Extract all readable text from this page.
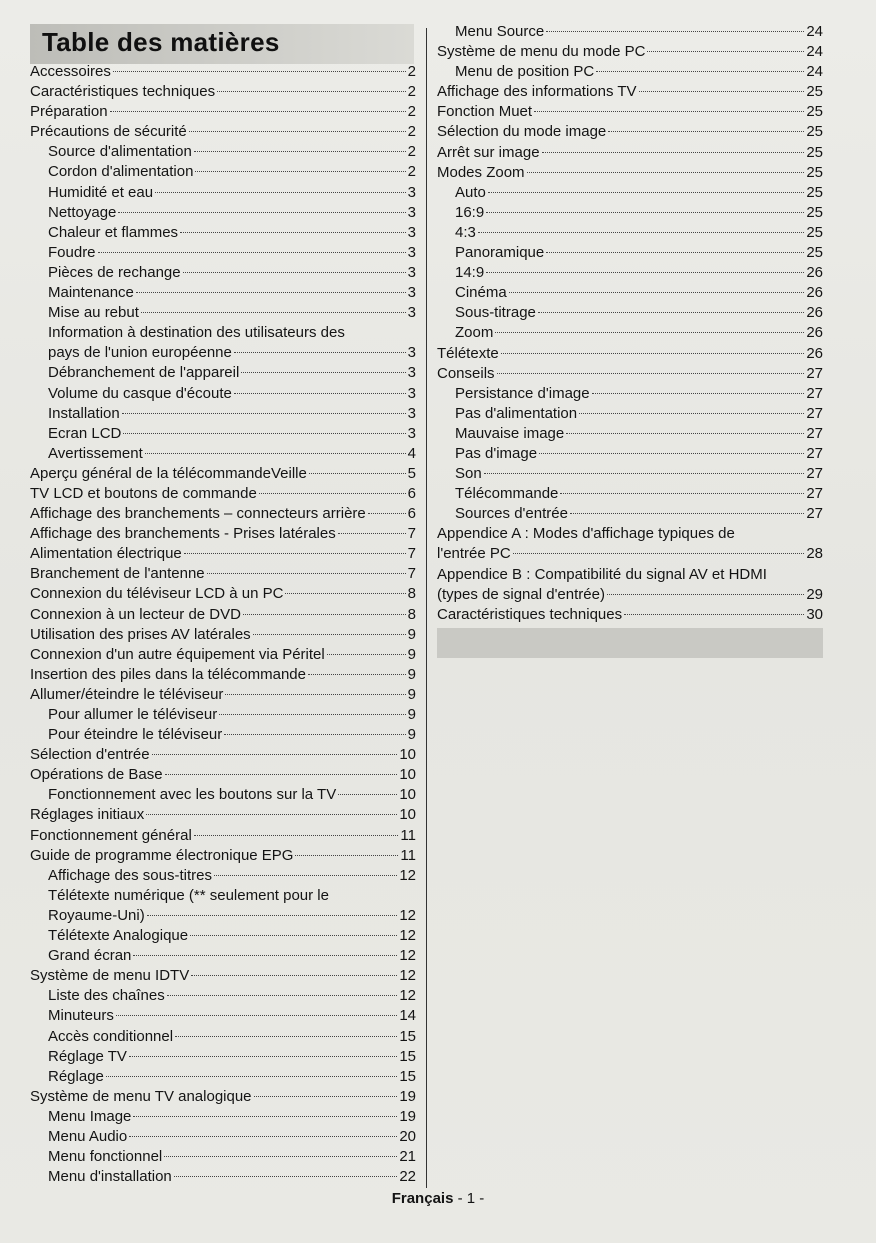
Table des matières
Accessoires	2
Caractéristiques techniques	2
Préparation	2
Précautions de sécurité	2
Source d'alimentation	2
Cordon d'alimentation	2
Humidité et eau	3
Nettoyage	3
Chaleur et flammes	3
Foudre	3
Pièces de rechange	3
Maintenance	3
Mise au rebut	3
Information à destination des utilisateurs des
pays de l'union européenne	3
Débranchement de l'appareil	3
Volume du casque d'écoute	3
Installation	3
Ecran LCD	3
Avertissement	4
Aperçu général de la télécommandeVeille	5
TV LCD et boutons de commande	6
Affichage des branchements – connecteurs arrière	6
Affichage des branchements - Prises latérales	7
Alimentation électrique	7
Branchement de l'antenne	7
Connexion du téléviseur LCD à un PC	8
Connexion à un lecteur de DVD	8
Utilisation des prises AV latérales	9
Connexion d'un autre équipement via Péritel	9
Insertion des piles dans la télécommande	9
Allumer/éteindre le téléviseur	9
Pour allumer le téléviseur	9
Pour éteindre le téléviseur	9
Sélection d'entrée	10
Opérations de Base	10
Fonctionnement avec les boutons sur la TV	10
Réglages initiaux	10
Fonctionnement général	11
Guide de programme électronique EPG	11
Affichage des sous-titres	12
Télétexte numérique (** seulement pour le
Royaume-Uni)	12
Télétexte Analogique	12
Grand écran	12
Système de menu IDTV	12
Liste des chaînes	12
Minuteurs	14
Accès conditionnel	15
Réglage TV	15
Réglage	15
Système de menu TV analogique	19
Menu Image	19
Menu Audio	20
Menu fonctionnel	21
Menu d'installation	22
Menu Source	24
Système de menu du mode PC	24
Menu de position PC	24
Affichage des informations TV	25
Fonction Muet	25
Sélection du mode image	25
Arrêt sur image	25
Modes Zoom	25
Auto	25
16:9	25
4:3	25
Panoramique	25
14:9	26
Cinéma	26
Sous-titrage	26
Zoom	26
Télétexte	26
Conseils	27
Persistance d'image	27
Pas d'alimentation	27
Mauvaise image	27
Pas d'image	27
Son	27
Télécommande	27
Sources d'entrée	27
Appendice A : Modes d'affichage typiques de
l'entrée PC	28
Appendice B : Compatibilité du signal AV et HDMI
(types de signal d'entrée)	29
Caractéristiques techniques	30
Français - 1 -
